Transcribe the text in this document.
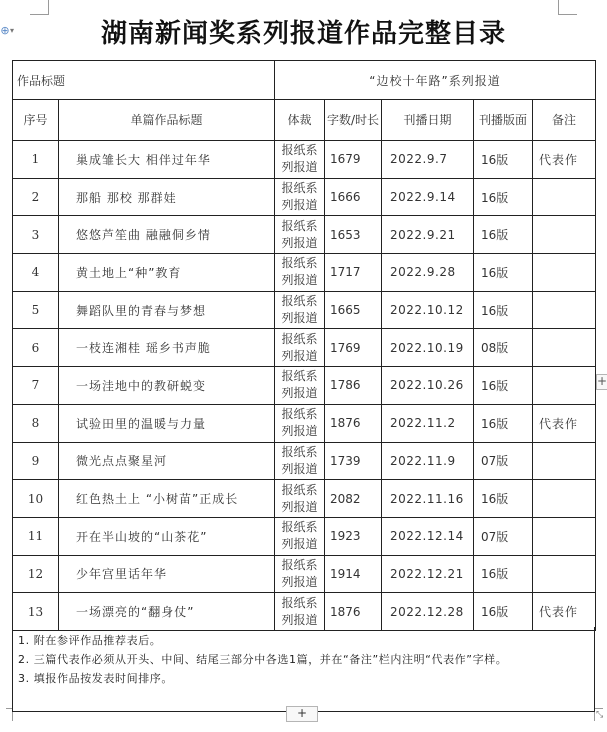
⊕ ▾	湖南新闻奖系列报道作品完整目录
作品标题		“边校十年路”系列报道				
序号	单篇作品标题	体裁	字数/时长	刊播日期	刊播版面	备注
1	巢成雏长大 相伴过年华	报纸系列报道	1679	2022.9.7	16版	代表作
2	那船 那校 那群娃	报纸系列报道	1666	2022.9.14	16版	
3	悠悠芦笙曲 融融侗乡情	报纸系列报道	1653	2022.9.21	16版	
4	黄土地上“种”教育	报纸系列报道	1717	2022.9.28	16版	
5	舞蹈队里的青春与梦想	报纸系列报道	1665	2022.10.12	16版	
6	一枝连湘桂 瑶乡书声脆	报纸系列报道	1769	2022.10.19	08版	
7	一场洼地中的教研蜕变	报纸系列报道	1786	2022.10.26	16版	
8	试验田里的温暖与力量	报纸系列报道	1876	2022.11.2	16版	代表作
9	微光点点聚星河	报纸系列报道	1739	2022.11.9	07版	
10	红色热土上 “小树苗”正成长	报纸系列报道	2082	2022.11.16	16版	
11	开在半山坡的“山茶花”	报纸系列报道	1923	2022.12.14	07版	
12	少年宫里话年华	报纸系列报道	1914	2022.12.21	16版	
13	一场漂亮的“翻身仗”	报纸系列报道	1876	2022.12.28	16版	代表作
1. 附在参评作品推荐表后。
2. 三篇代表作必须从开头、中间、结尾三部分中各选1篇，并在“备注”栏内注明“代表作”字样。
3. 填报作品按发表时间排序。
+
+	⤡
